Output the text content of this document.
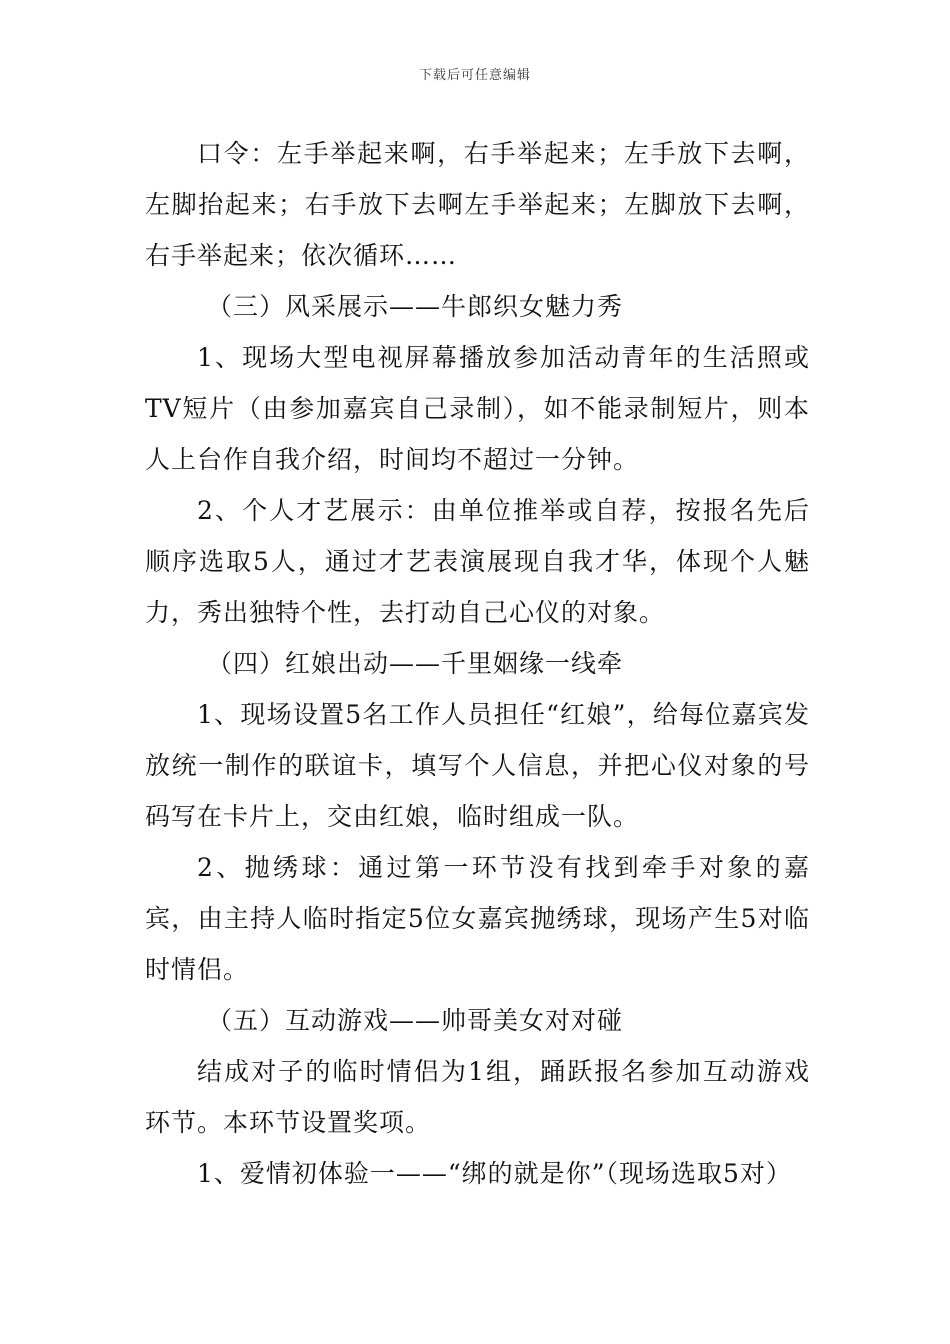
下载后可任意编辑

口令：左手举起来啊，右手举起来；左手放下去啊，左脚抬起来；右手放下去啊左手举起来；左脚放下去啊，右手举起来；依次循环……

（三）风采展示——牛郎织女魅力秀

1、现场大型电视屏幕播放参加活动青年的生活照或TV短片（由参加嘉宾自己录制），如不能录制短片，则本人上台作自我介绍，时间均不超过一分钟。

2、个人才艺展示：由单位推举或自荐，按报名先后顺序选取5人，通过才艺表演展现自我才华，体现个人魅力，秀出独特个性，去打动自己心仪的对象。

（四）红娘出动——千里姻缘一线牵

1、现场设置5名工作人员担任“红娘”，给每位嘉宾发放统一制作的联谊卡，填写个人信息，并把心仪对象的号码写在卡片上，交由红娘，临时组成一队。

2、抛绣球：通过第一环节没有找到牵手对象的嘉宾，由主持人临时指定5位女嘉宾抛绣球，现场产生5对临时情侣。

（五）互动游戏——帅哥美女对对碰

结成对子的临时情侣为1组，踊跃报名参加互动游戏环节。本环节设置奖项。

1、爱情初体验一——“绑的就是你”（现场选取5对）
